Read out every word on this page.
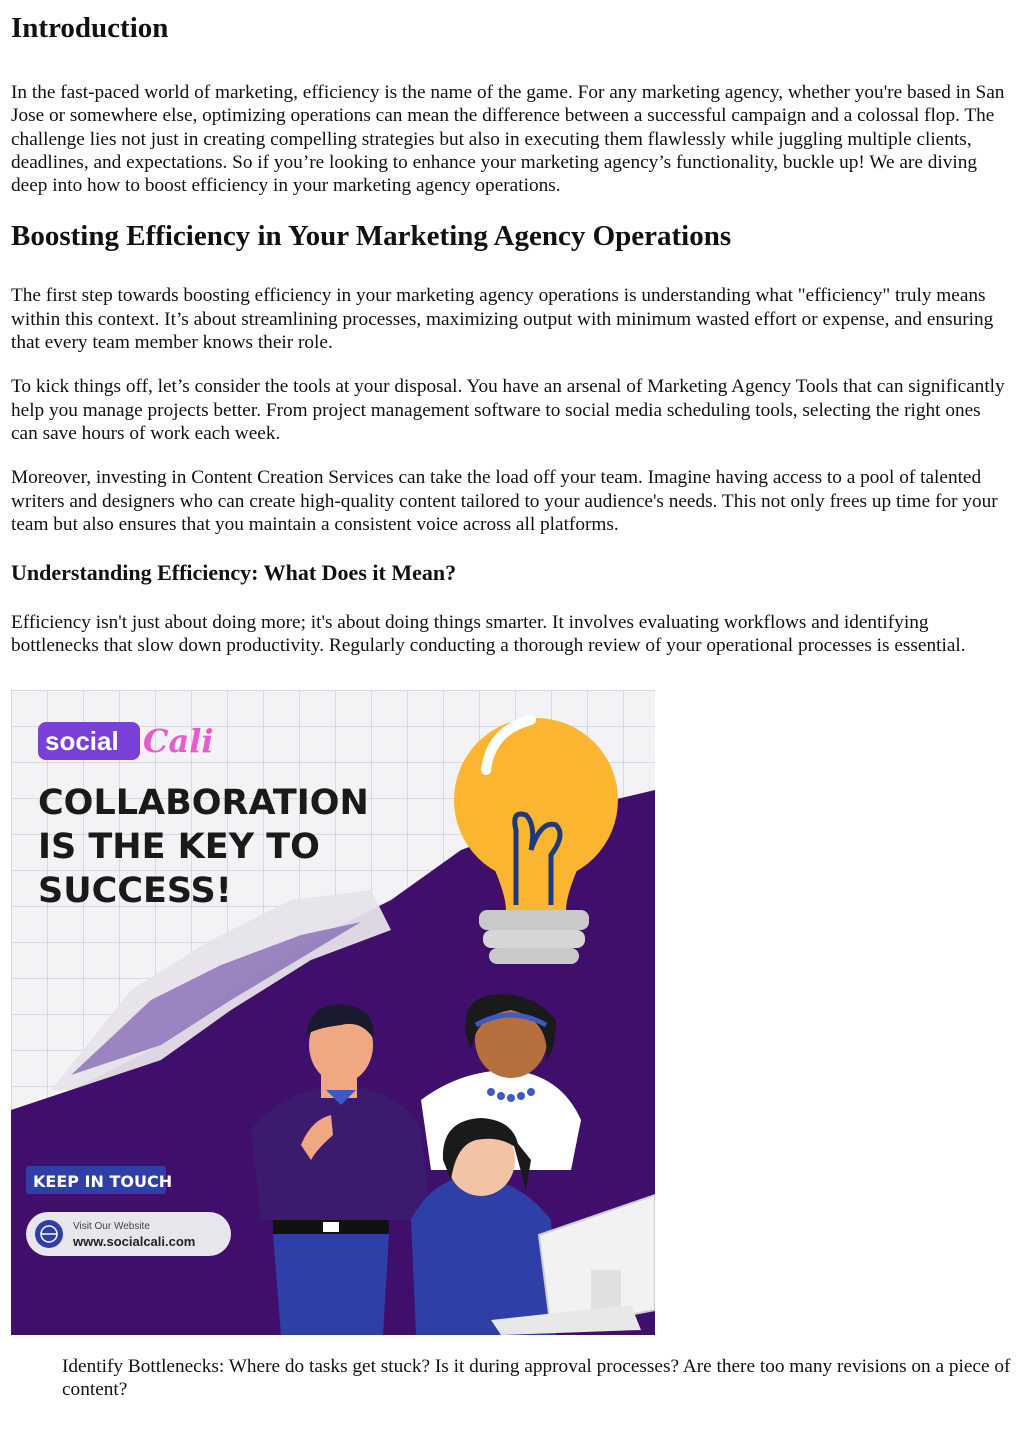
Introduction

In the fast-paced world of marketing, efficiency is the name of the game. For any marketing agency, whether you're based in San Jose or somewhere else, optimizing operations can mean the difference between a successful campaign and a colossal flop. The challenge lies not just in creating compelling strategies but also in executing them flawlessly while juggling multiple clients, deadlines, and expectations. So if you’re looking to enhance your marketing agency’s functionality, buckle up! We are diving deep into how to boost efficiency in your marketing agency operations.

Boosting Efficiency in Your Marketing Agency Operations

The first step towards boosting efficiency in your marketing agency operations is understanding what "efficiency" truly means within this context. It’s about streamlining processes, maximizing output with minimum wasted effort or expense, and ensuring that every team member knows their role.

To kick things off, let’s consider the tools at your disposal. You have an arsenal of Marketing Agency Tools that can significantly help you manage projects better. From project management software to social media scheduling tools, selecting the right ones can save hours of work each week.

Moreover, investing in Content Creation Services can take the load off your team. Imagine having access to a pool of talented writers and designers who can create high-quality content tailored to your audience's needs. This not only frees up time for your team but also ensures that you maintain a consistent voice across all platforms.

Understanding Efficiency: What Does it Mean?

Efficiency isn't just about doing more; it's about doing things smarter. It involves evaluating workflows and identifying bottlenecks that slow down productivity. Regularly conducting a thorough review of your operational processes is essential.

social Cali
COLLABORATION
IS THE KEY TO
SUCCESS!
KEEP IN TOUCH
Visit Our Website
www.socialcali.com
Identify Bottlenecks: Where do tasks get stuck? Is it during approval processes? Are there too many revisions on a piece of content?
